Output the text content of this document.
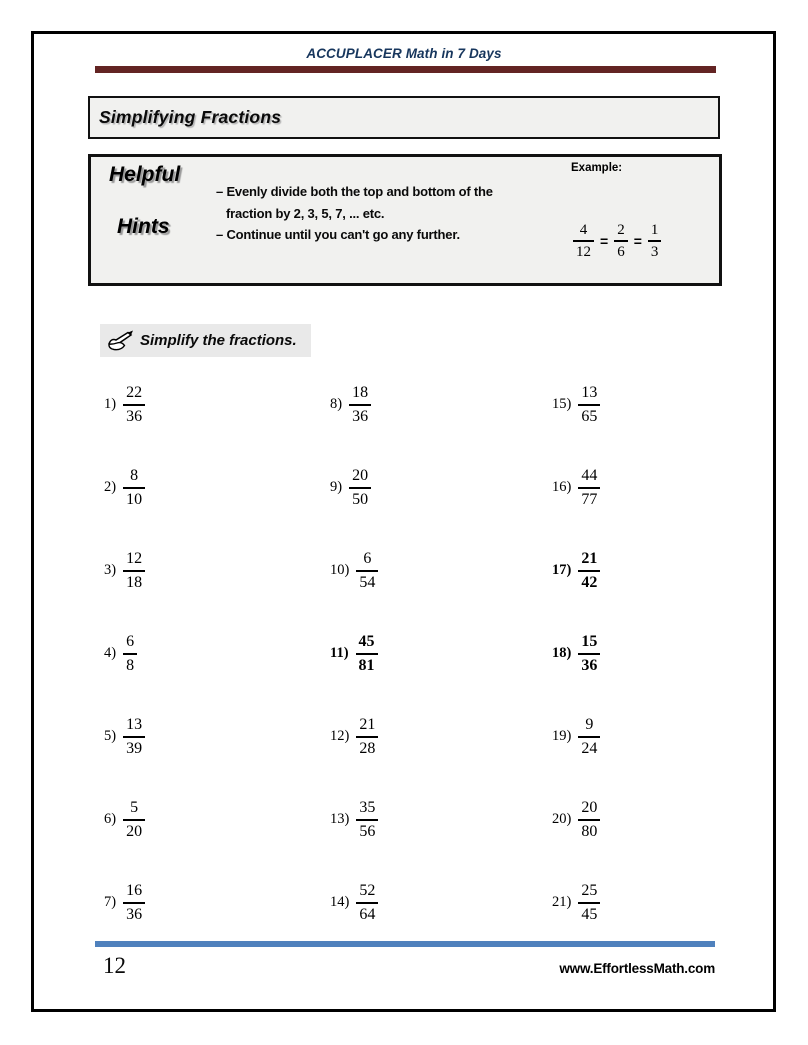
ACCUPLACER Math in 7 Days
Simplifying Fractions
Helpful
Hints
– Evenly divide both the top and bottom of the
fraction by 2, 3, 5, 7, ... etc.
– Continue until you can't go any further.
Example:
$\frac{4}{12} = \frac{2}{6} = \frac{1}{3}$
Simplify the fractions.
$1) \frac{22}{36}$
$2) \frac{8}{10}$
$3) \frac{12}{18}$
$4) \frac{6}{8}$
$5) \frac{13}{39}$
$6) \frac{5}{20}$
$7) \frac{16}{36}$
$8) \frac{18}{36}$
$9) \frac{20}{50}$
$10) \frac{6}{54}$
$11) \frac{45}{81}$
$12) \frac{21}{28}$
$13) \frac{35}{56}$
$14) \frac{52}{64}$
$15) \frac{13}{65}$
$16) \frac{44}{77}$
$17) \frac{21}{42}$
$18) \frac{15}{36}$
$19) \frac{9}{24}$
$20) \frac{20}{80}$
$21) \frac{25}{45}$
12	www.EffortlessMath.com
